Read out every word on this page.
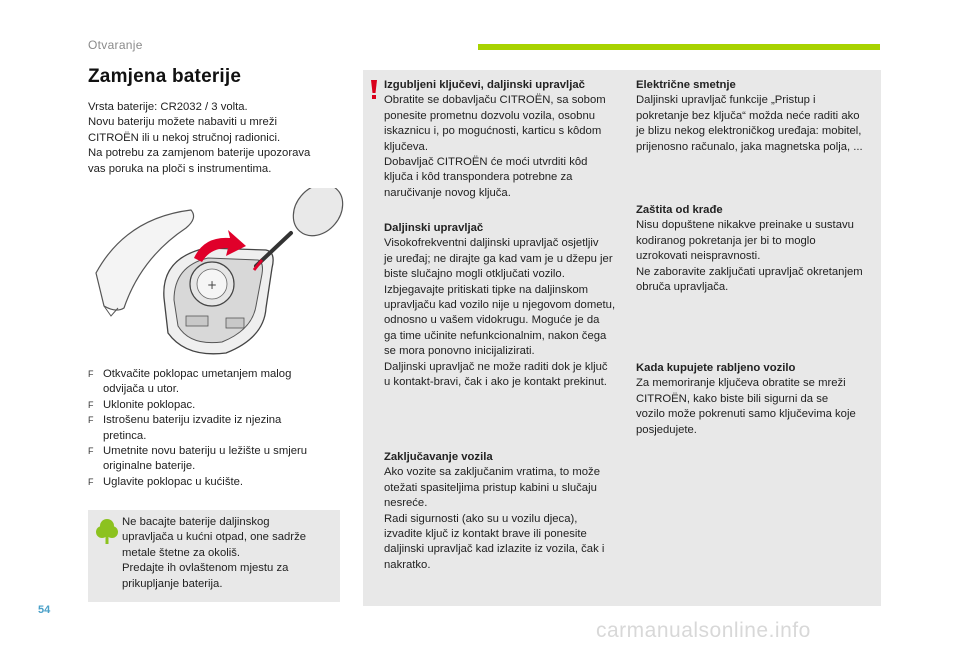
Otvaranje
Zamjena baterije
Vrsta baterije: CR2032 / 3 volta.
Novu bateriju možete nabaviti u mreži
CITROËN ili u nekoj stručnoj radionici.
Na potrebu za zamjenom baterije upozorava
vas poruka na ploči s instrumentima.
+
F Otkvačite poklopac umetanjem malog
odvijača u utor.
F Uklonite poklopac.
F Istrošenu bateriju izvadite iz njezina
pretinca.
F Umetnite novu bateriju u ležište u smjeru
originalne baterije.
F Uglavite poklopac u kućište.
Ne bacajte baterije daljinskog
upravljača u kućni otpad, one sadrže
metale štetne za okoliš.
Predajte ih ovlaštenom mjestu za
prikupljanje baterija.
Izgubljeni ključevi, daljinski upravljač
Obratite se dobavljaču CITROËN, sa sobom
ponesite prometnu dozvolu vozila, osobnu
iskaznicu i, po mogućnosti, karticu s kôdom
ključeva.
Dobavljač CITROËN će moći utvrditi kôd
ključa i kôd transpondera potrebne za
naručivanje novog ključa.
Daljinski upravljač
Visokofrekventni daljinski upravljač osjetljiv
je uređaj; ne dirajte ga kad vam je u džepu jer
biste slučajno mogli otključati vozilo.
Izbjegavajte pritiskati tipke na daljinskom
upravljaču kad vozilo nije u njegovom dometu,
odnosno u vašem vidokrugu. Moguće je da
ga time učinite nefunkcionalnim, nakon čega
se mora ponovno inicijalizirati.
Daljinski upravljač ne može raditi dok je ključ
u kontakt-bravi, čak i ako je kontakt prekinut.
Zaključavanje vozila
Ako vozite sa zaključanim vratima, to može
otežati spasiteljima pristup kabini u slučaju
nesreće.
Radi sigurnosti (ako su u vozilu djeca),
izvadite ključ iz kontakt brave ili ponesite
daljinski upravljač kad izlazite iz vozila, čak i
nakratko.
Električne smetnje
Daljinski upravljač funkcije „Pristup i
pokretanje bez ključa“ možda neće raditi ako
je blizu nekog elektroničkog uređaja: mobitel,
prijenosno računalo, jaka magnetska polja, ...
Zaštita od krađe
Nisu dopuštene nikakve preinake u sustavu
kodiranog pokretanja jer bi to moglo
uzrokovati neispravnosti.
Ne zaboravite zaključati upravljač okretanjem
obruča upravljača.
Kada kupujete rabljeno vozilo
Za memoriranje ključeva obratite se mreži
CITROËN, kako biste bili sigurni da se
vozilo može pokrenuti samo ključevima koje
posjedujete.
54
carmanualsonline.info
